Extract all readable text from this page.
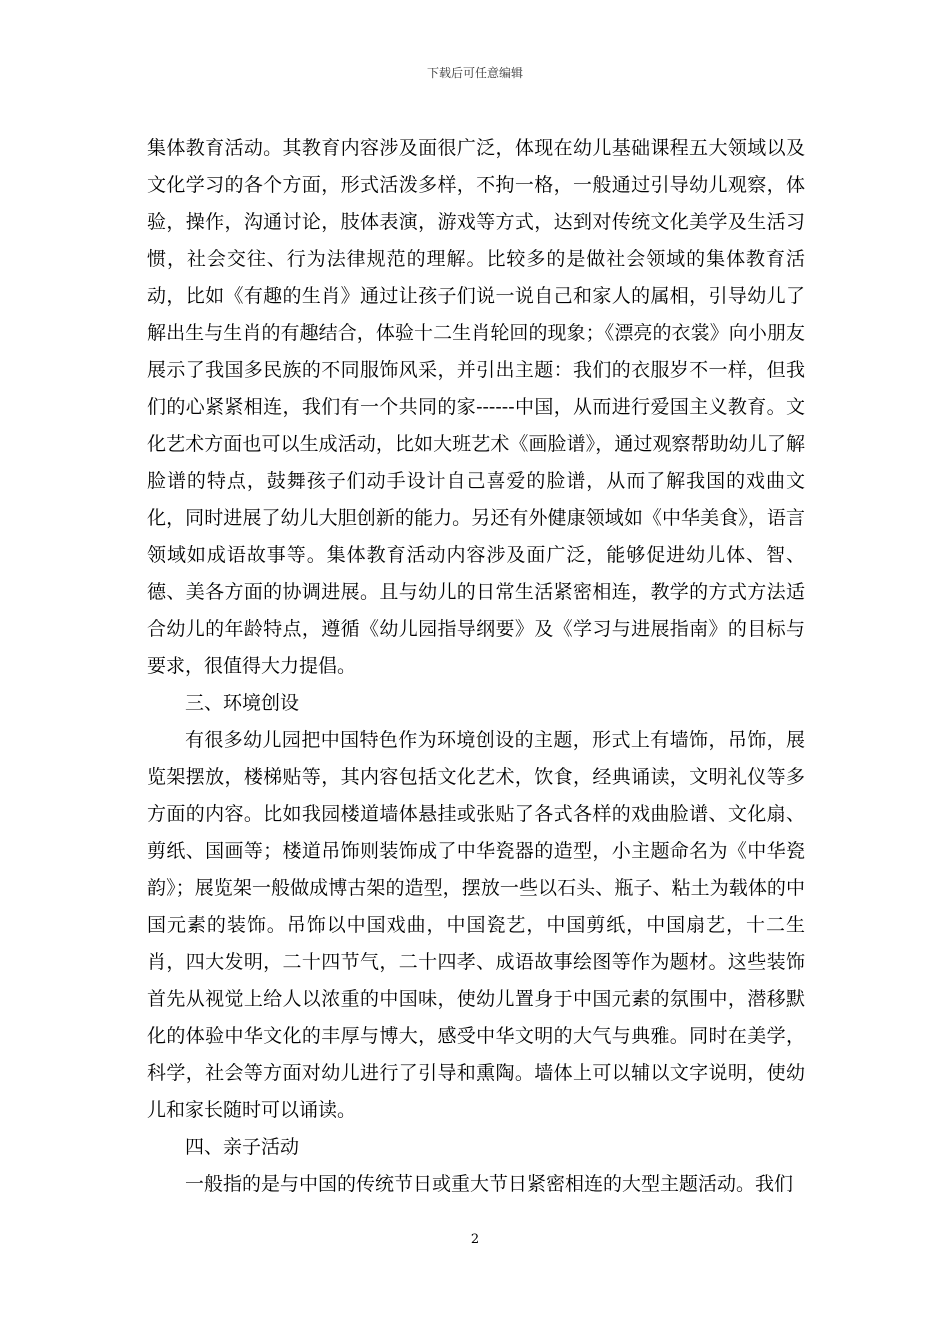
下载后可任意编辑

集体教育活动。其教育内容涉及面很广泛，体现在幼儿基础课程五大领域以及文化学习的各个方面，形式活泼多样，不拘一格，一般通过引导幼儿观察，体验，操作，沟通讨论，肢体表演，游戏等方式，达到对传统文化美学及生活习惯，社会交往、行为法律规范的理解。比较多的是做社会领域的集体教育活动，比如《有趣的生肖》通过让孩子们说一说自己和家人的属相，引导幼儿了解出生与生肖的有趣结合，体验十二生肖轮回的现象；《漂亮的衣裳》向小朋友展示了我国多民族的不同服饰风采，并引出主题：我们的衣服岁不一样，但我们的心紧紧相连，我们有一个共同的家------中国，从而进行爱国主义教育。文化艺术方面也可以生成活动，比如大班艺术《画脸谱》，通过观察帮助幼儿了解脸谱的特点，鼓舞孩子们动手设计自己喜爱的脸谱，从而了解我国的戏曲文化，同时进展了幼儿大胆创新的能力。另还有外健康领域如《中华美食》，语言领域如成语故事等。集体教育活动内容涉及面广泛，能够促进幼儿体、智、德、美各方面的协调进展。且与幼儿的日常生活紧密相连，教学的方式方法适合幼儿的年龄特点，遵循《幼儿园指导纲要》及《学习与进展指南》的目标与要求，很值得大力提倡。

三、环境创设

有很多幼儿园把中国特色作为环境创设的主题，形式上有墙饰，吊饰，展览架摆放，楼梯贴等，其内容包括文化艺术，饮食，经典诵读，文明礼仪等多方面的内容。比如我园楼道墙体悬挂或张贴了各式各样的戏曲脸谱、文化扇、剪纸、国画等；楼道吊饰则装饰成了中华瓷器的造型，小主题命名为《中华瓷韵》；展览架一般做成博古架的造型，摆放一些以石头、瓶子、粘土为载体的中国元素的装饰。吊饰以中国戏曲，中国瓷艺，中国剪纸，中国扇艺，十二生肖，四大发明，二十四节气，二十四孝、成语故事绘图等作为题材。这些装饰首先从视觉上给人以浓重的中国味，使幼儿置身于中国元素的氛围中，潜移默化的体验中华文化的丰厚与博大，感受中华文明的大气与典雅。同时在美学，科学，社会等方面对幼儿进行了引导和熏陶。墙体上可以辅以文字说明，使幼儿和家长随时可以诵读。

四、亲子活动

一般指的是与中国的传统节日或重大节日紧密相连的大型主题活动。我们

2
